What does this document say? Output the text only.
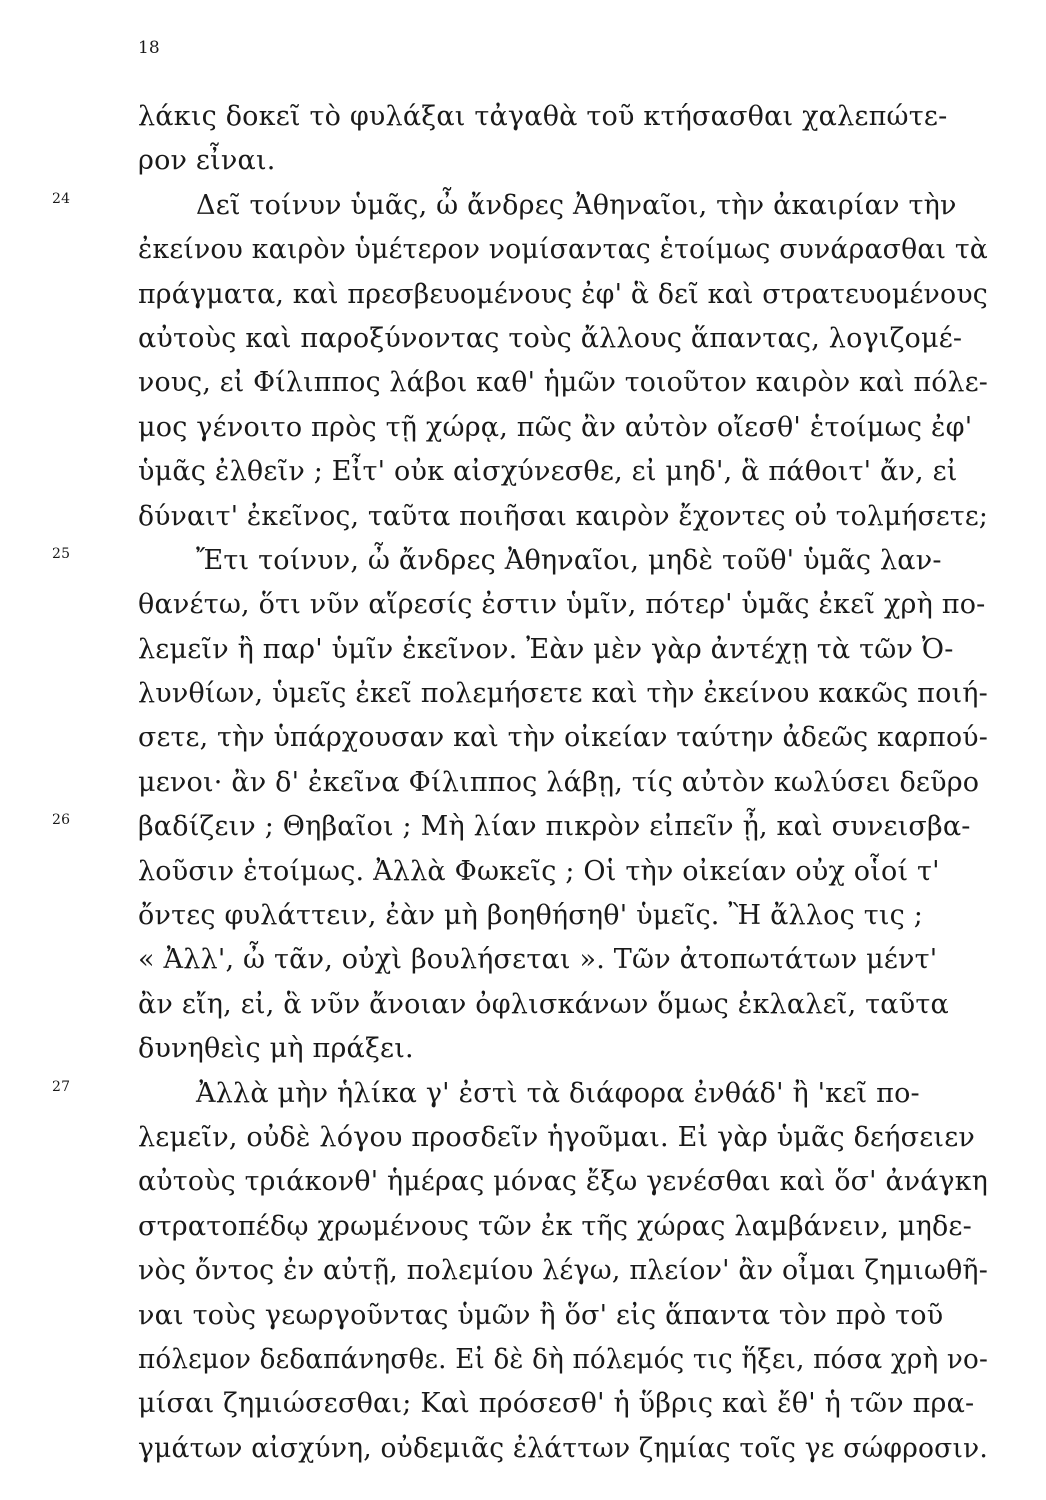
18
λάκις δοκεῖ τὸ φυλάξαι τἀγαθὰ τοῦ κτήσασθαι χαλεπώτε-
ρον εἶναι.
24	Δεῖ τοίνυν ὑμᾶς, ὦ ἄνδρες Ἀθηναῖοι, τὴν ἀκαιρίαν τὴν
ἐκείνου καιρὸν ὑμέτερον νομίσαντας ἑτοίμως συνάρασθαι τὰ
πράγματα, καὶ πρεσβευομένους ἐφ' ἃ δεῖ καὶ στρατευομένους
αὐτοὺς καὶ παροξύνοντας τοὺς ἄλλους ἅπαντας, λογιζομέ-
νους, εἰ Φίλιππος λάβοι καθ' ἡμῶν τοιοῦτον καιρὸν καὶ πόλε-
μος γένοιτο πρὸς τῇ χώρᾳ, πῶς ἂν αὐτὸν οἴεσθ' ἑτοίμως ἐφ'
ὑμᾶς ἐλθεῖν ; Εἶτ' οὐκ αἰσχύνεσθε, εἰ μηδ', ἃ πάθοιτ' ἄν, εἰ
δύναιτ' ἐκεῖνος, ταῦτα ποιῆσαι καιρὸν ἔχοντες οὐ τολμήσετε;
25	Ἔτι τοίνυν, ὦ ἄνδρες Ἀθηναῖοι, μηδὲ τοῦθ' ὑμᾶς λαν-
θανέτω, ὅτι νῦν αἵρεσίς ἐστιν ὑμῖν, πότερ' ὑμᾶς ἐκεῖ χρὴ πο-
λεμεῖν ἢ παρ' ὑμῖν ἐκεῖνον. Ἐὰν μὲν γὰρ ἀντέχῃ τὰ τῶν Ὀ-
λυνθίων, ὑμεῖς ἐκεῖ πολεμήσετε καὶ τὴν ἐκείνου κακῶς ποιή-
σετε, τὴν ὑπάρχουσαν καὶ τὴν οἰκείαν ταύτην ἀδεῶς καρπού-
μενοι· ἂν δ' ἐκεῖνα Φίλιππος λάβῃ, τίς αὐτὸν κωλύσει δεῦρο
26	βαδίζειν ; Θηβαῖοι ; Μὴ λίαν πικρὸν εἰπεῖν ᾖ, καὶ συνεισβα-
λοῦσιν ἑτοίμως. Ἀλλὰ Φωκεῖς ; Οἱ τὴν οἰκείαν οὐχ οἷοί τ'
ὄντες φυλάττειν, ἐὰν μὴ βοηθήσηθ' ὑμεῖς. Ἢ ἄλλος τις ;
« Ἀλλ', ὦ τᾶν, οὐχὶ βουλήσεται ». Τῶν ἀτοπωτάτων μέντ'
ἂν εἴη, εἰ, ἃ νῦν ἄνοιαν ὀφλισκάνων ὅμως ἐκλαλεῖ, ταῦτα
δυνηθεὶς μὴ πράξει.
27	Ἀλλὰ μὴν ἡλίκα γ' ἐστὶ τὰ διάφορα ἐνθάδ' ἢ 'κεῖ πο-
λεμεῖν, οὐδὲ λόγου προσδεῖν ἡγοῦμαι. Εἰ γὰρ ὑμᾶς δεήσειεν
αὐτοὺς τριάκονθ' ἡμέρας μόνας ἔξω γενέσθαι καὶ ὅσ' ἀνάγκη
στρατοπέδῳ χρωμένους τῶν ἐκ τῆς χώρας λαμβάνειν, μηδε-
νὸς ὄντος ἐν αὐτῇ, πολεμίου λέγω, πλείον' ἂν οἶμαι ζημιωθῆ-
ναι τοὺς γεωργοῦντας ὑμῶν ἢ ὅσ' εἰς ἅπαντα τὸν πρὸ τοῦ
πόλεμον δεδαπάνησθε. Εἰ δὲ δὴ πόλεμός τις ἥξει, πόσα χρὴ νο-
μίσαι ζημιώσεσθαι; Καὶ πρόσεσθ' ἡ ὕβρις καὶ ἔθ' ἡ τῶν πρα-
γμάτων αἰσχύνη, οὐδεμιᾶς ἐλάττων ζημίας τοῖς γε σώφροσιν.
